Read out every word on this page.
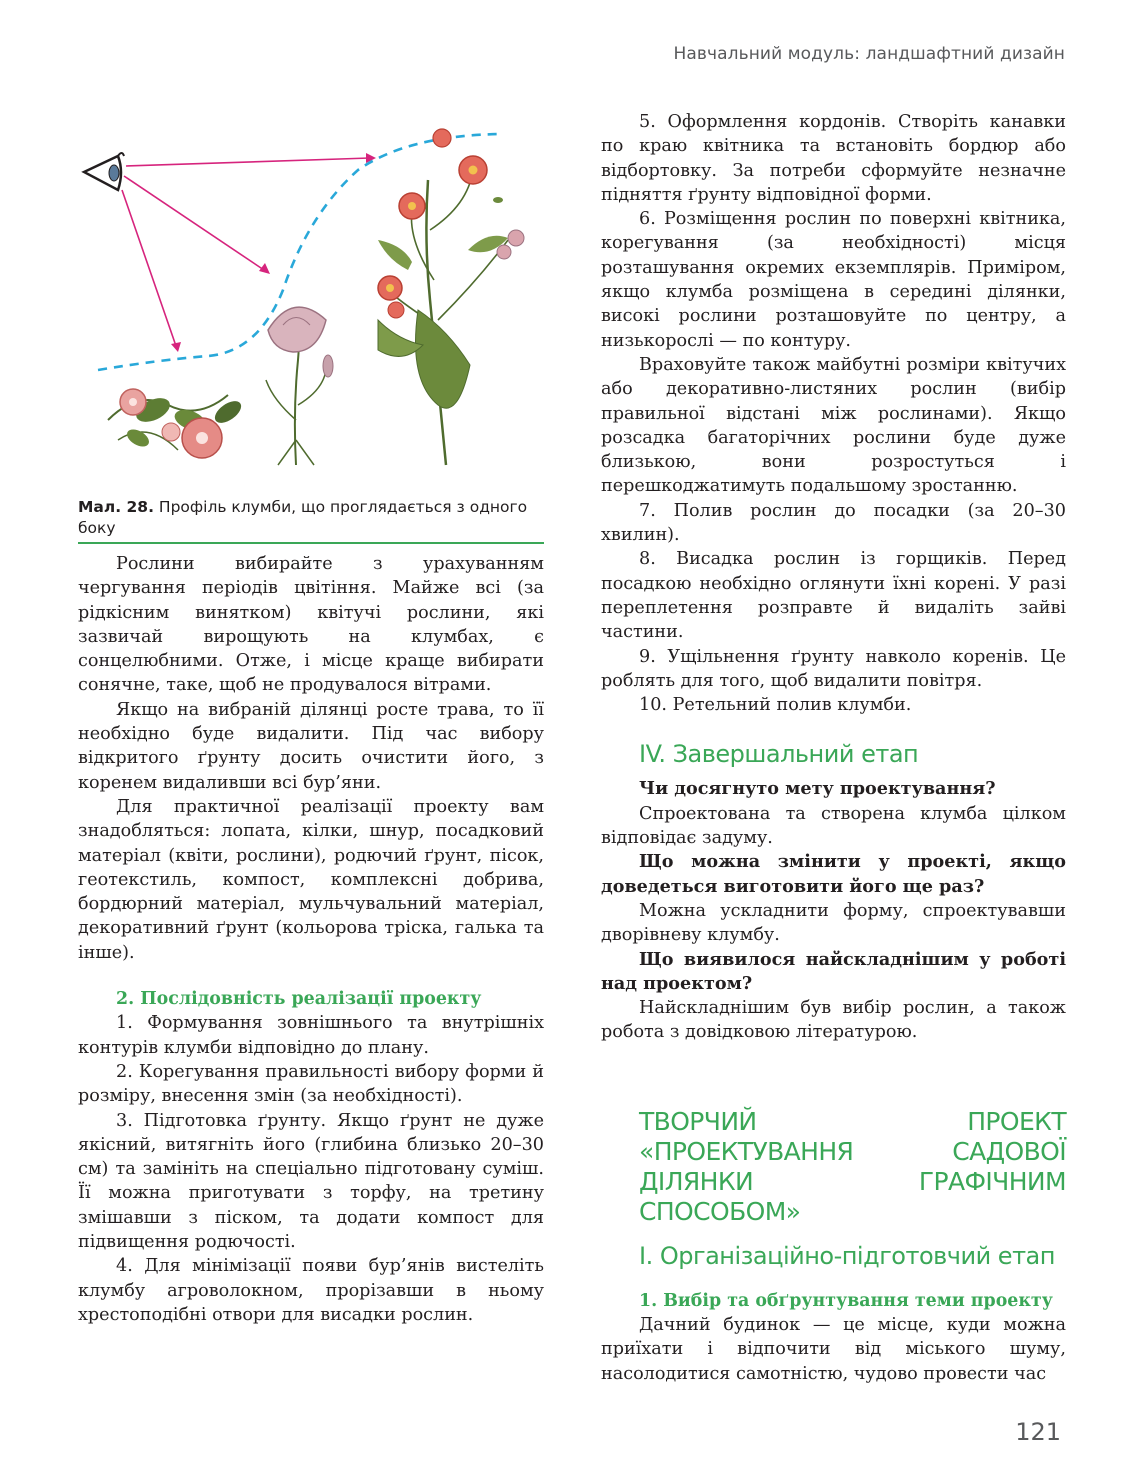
Навчальний модуль: ландшафтний дизайн
Мал. 28. Профіль клумби, що проглядається з одного боку

Рослини вибирайте з урахуванням чергування періодів цвітіння. Майже всі (за рідкісним винятком) квітучі рослини, які зазвичай вирощують на клумбах, є сонцелюбними. Отже, і місце краще вибирати сонячне, таке, щоб не продувалося вітрами.

Якщо на вибраній ділянці росте трава, то її необхідно буде видалити. Під час вибору відкритого ґрунту досить очистити його, з коренем видаливши всі бур’яни.

Для практичної реалізації проекту вам знадобляться: лопата, кілки, шнур, посадковий матеріал (квіти, рослини), родючий ґрунт, пісок, геотекстиль, компост, комплексні добрива, бордюрний матеріал, мульчувальний матеріал, декоративний ґрунт (кольорова тріска, галька та інше).

2. Послідовність реалізації проекту

1. Формування зовнішнього та внутрішніх контурів клумби відповідно до плану.

2. Корегування правильності вибору форми й розміру, внесення змін (за необхідності).

3. Підготовка ґрунту. Якщо ґрунт не дуже якісний, витягніть його (глибина близько 20–30 см) та замініть на спеціально підготовану суміш. Її можна приготувати з торфу, на третину змішавши з піском, та додати компост для підвищення родючості.

4. Для мінімізації появи бур’янів вистеліть клумбу агроволокном, прорізавши в ньому хрестоподібні отвори для висадки рослин.

5. Оформлення кордонів. Створіть канавки по краю квітника та встановіть бордюр або відбортовку. За потреби сформуйте незначне підняття ґрунту відповідної форми.

6. Розміщення рослин по поверхні квітника, корегування (за необхідності) місця розташування окремих екземплярів. Приміром, якщо клумба розміщена в середині ділянки, високі рослини розташовуйте по центру, а низькорослі — по контуру.

Враховуйте також майбутні розміри квітучих або декоративно-листяних рослин (вибір правильної відстані між рослинами). Якщо розсадка багаторічних рослини буде дуже близькою, вони розростуться і перешкоджатимуть подальшому зростанню.

7. Полив рослин до посадки (за 20–30 хвилин).

8. Висадка рослин із горщиків. Перед посадкою необхідно оглянути їхні корені. У разі переплетення розправте й видаліть зайві частини.

9. Ущільнення ґрунту навколо коренів. Це роблять для того, щоб видалити повітря.

10. Ретельний полив клумби.

IV. Завершальний етап

Чи досягнуто мету проектування?

Спроектована та створена клумба цілком відповідає задуму.

Що можна змінити у проекті, якщо доведеться виготовити його ще раз?

Можна ускладнити форму, спроектувавши дворівневу клумбу.

Що виявилося найскладнішим у роботі над проектом?

Найскладнішим був вибір рослин, а також робота з довідковою літературою.

ТВОРЧИЙ ПРОЕКТ «ПРОЕКТУВАННЯ САДОВОЇ ДІЛЯНКИ ГРАФІЧНИМ СПОСОБОМ»
І. Організаційно-підготовчий етап

1. Вибір та обґрунтування теми проекту

Дачний будинок — це місце, куди можна приїхати і відпочити від міського шуму, насолодитися самотністю, чудово провести час

121
